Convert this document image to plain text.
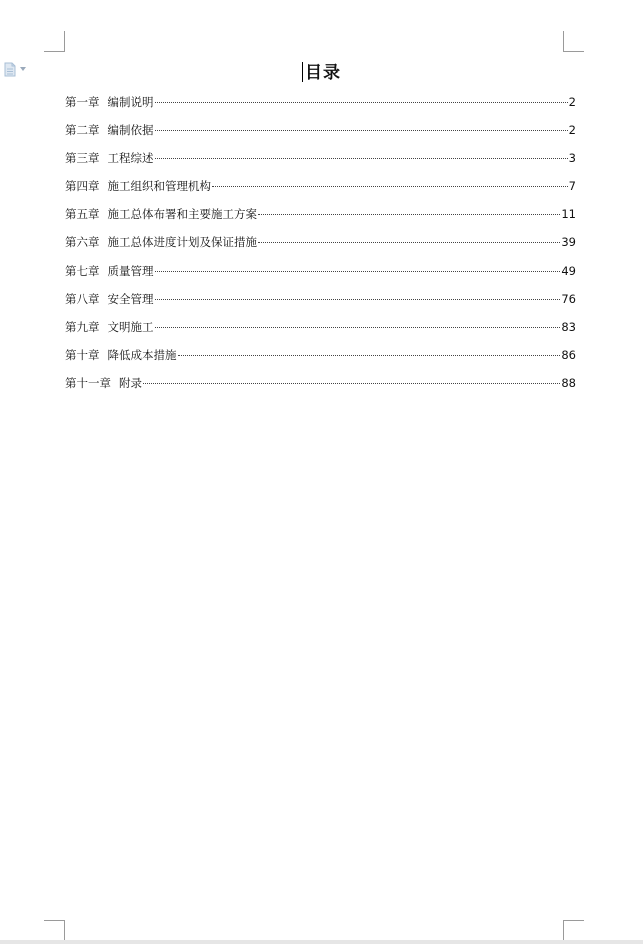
目录
第一章 编制说明	2
第二章 编制依据	2
第三章 工程综述	3
第四章 施工组织和管理机构	7
第五章 施工总体布署和主要施工方案	11
第六章 施工总体进度计划及保证措施	39
第七章 质量管理	49
第八章 安全管理	76
第九章 文明施工	83
第十章 降低成本措施	86
第十一章 附录	88
